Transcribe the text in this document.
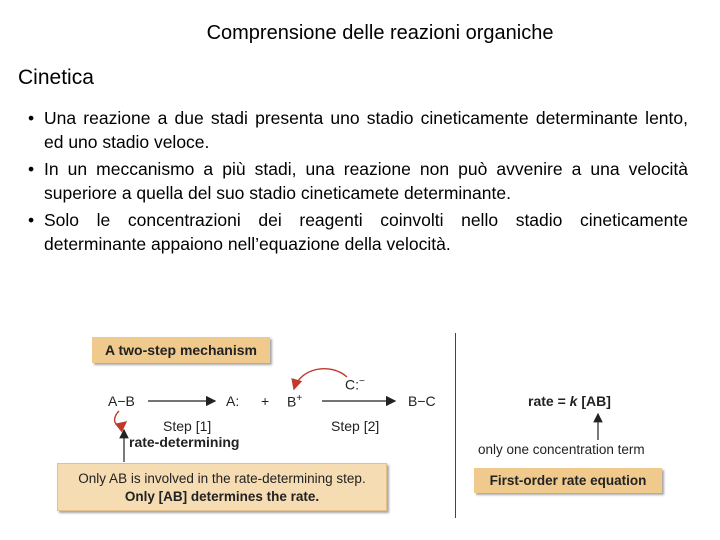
Comprensione delle reazioni organiche
Cinetica
• Una reazione a due stadi presenta uno stadio cineticamente determinante lento, ed uno stadio veloce.
• In un meccanismo a più stadi, una reazione non può avvenire a una velocità superiore a quella del suo stadio cineticamete determinante.
• Solo le concentrazioni dei reagenti coinvolti nello stadio cineticamente determinante appaiono nell’equazione della velocità.
A two-step mechanism
A−B	A: + B+
C:−
B−C
Step [1]	Step [2]
rate-determining
Only AB is involved in the rate-determining step.
Only [AB] determines the rate.
rate = k [AB]
only one concentration term
First-order rate equation
